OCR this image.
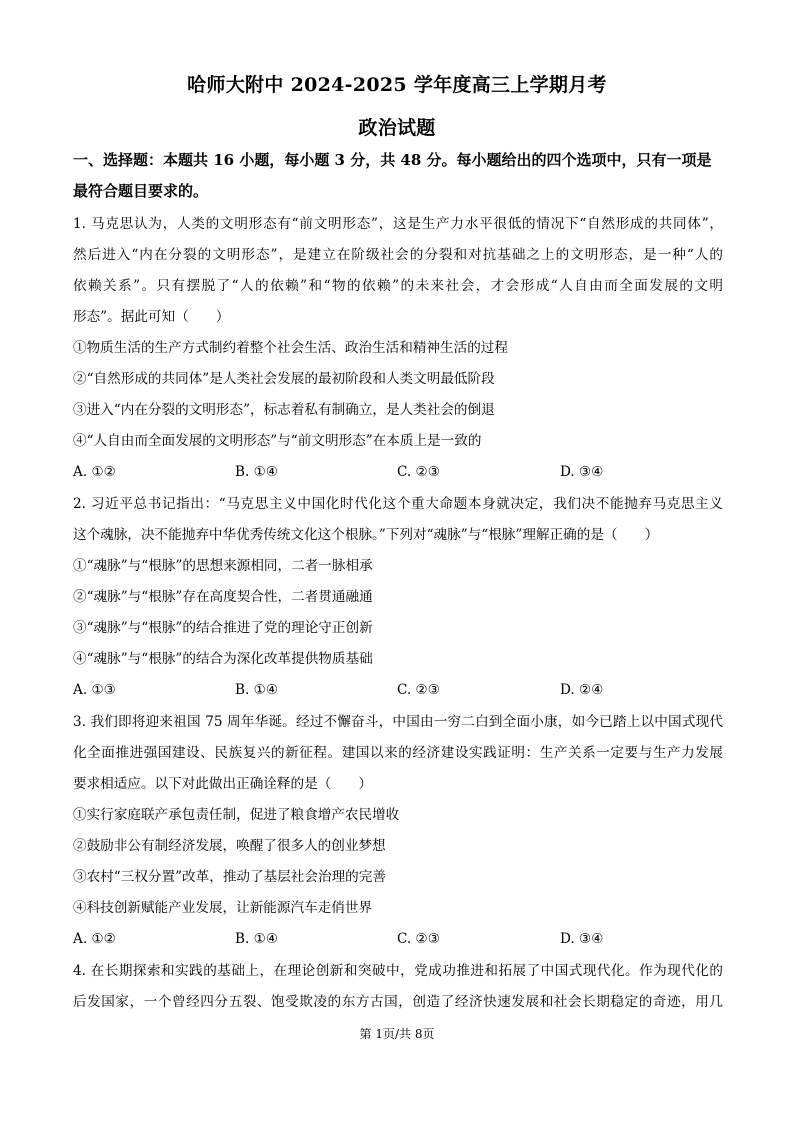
哈师大附中 2024-2025 学年度高三上学期月考
政治试题
一、选择题：本题共 16 小题，每小题 3 分，共 48 分。每小题给出的四个选项中，只有一项是最符合题目要求的。
1. 马克思认为，人类的文明形态有“前文明形态”，这是生产力水平很低的情况下“自然形成的共同体”，
然后进入“内在分裂的文明形态”，是建立在阶级社会的分裂和对抗基础之上的文明形态，是一种“人的
依赖关系”。只有摆脱了“人的依赖”和“物的依赖”的未来社会，才会形成“人自由而全面发展的文明
形态”。据此可知（　　）
①物质生活的生产方式制约着整个社会生活、政治生活和精神生活的过程
②“自然形成的共同体”是人类社会发展的最初阶段和人类文明最低阶段
③进入“内在分裂的文明形态”，标志着私有制确立，是人类社会的倒退
④“人自由而全面发展的文明形态”与“前文明形态”在本质上是一致的
A. ①②	B. ①④	C. ②③	D. ③④
2. 习近平总书记指出：“马克思主义中国化时代化这个重大命题本身就决定，我们决不能抛弃马克思主义
这个魂脉，决不能抛弃中华优秀传统文化这个根脉。”下列对“魂脉”与“根脉”理解正确的是（　　）
①“魂脉”与“根脉”的思想来源相同，二者一脉相承
②“魂脉”与“根脉”存在高度契合性，二者贯通融通
③“魂脉”与“根脉”的结合推进了党的理论守正创新
④“魂脉”与“根脉”的结合为深化改革提供物质基础
A. ①③	B. ①④	C. ②③	D. ②④
3. 我们即将迎来祖国 75 周年华诞。经过不懈奋斗，中国由一穷二白到全面小康，如今已踏上以中国式现代
化全面推进强国建设、民族复兴的新征程。建国以来的经济建设实践证明：生产关系一定要与生产力发展
要求相适应。以下对此做出正确诠释的是（　　）
①实行家庭联产承包责任制，促进了粮食增产农民增收
②鼓励非公有制经济发展，唤醒了很多人的创业梦想
③农村“三权分置”改革，推动了基层社会治理的完善
④科技创新赋能产业发展，让新能源汽车走俏世界
A. ①②	B. ①④	C. ②③	D. ③④
4. 在长期探索和实践的基础上，在理论创新和突破中，党成功推进和拓展了中国式现代化。作为现代化的
后发国家，一个曾经四分五裂、饱受欺凌的东方古国，创造了经济快速发展和社会长期稳定的奇迹，用几
第 1页/共 8页
